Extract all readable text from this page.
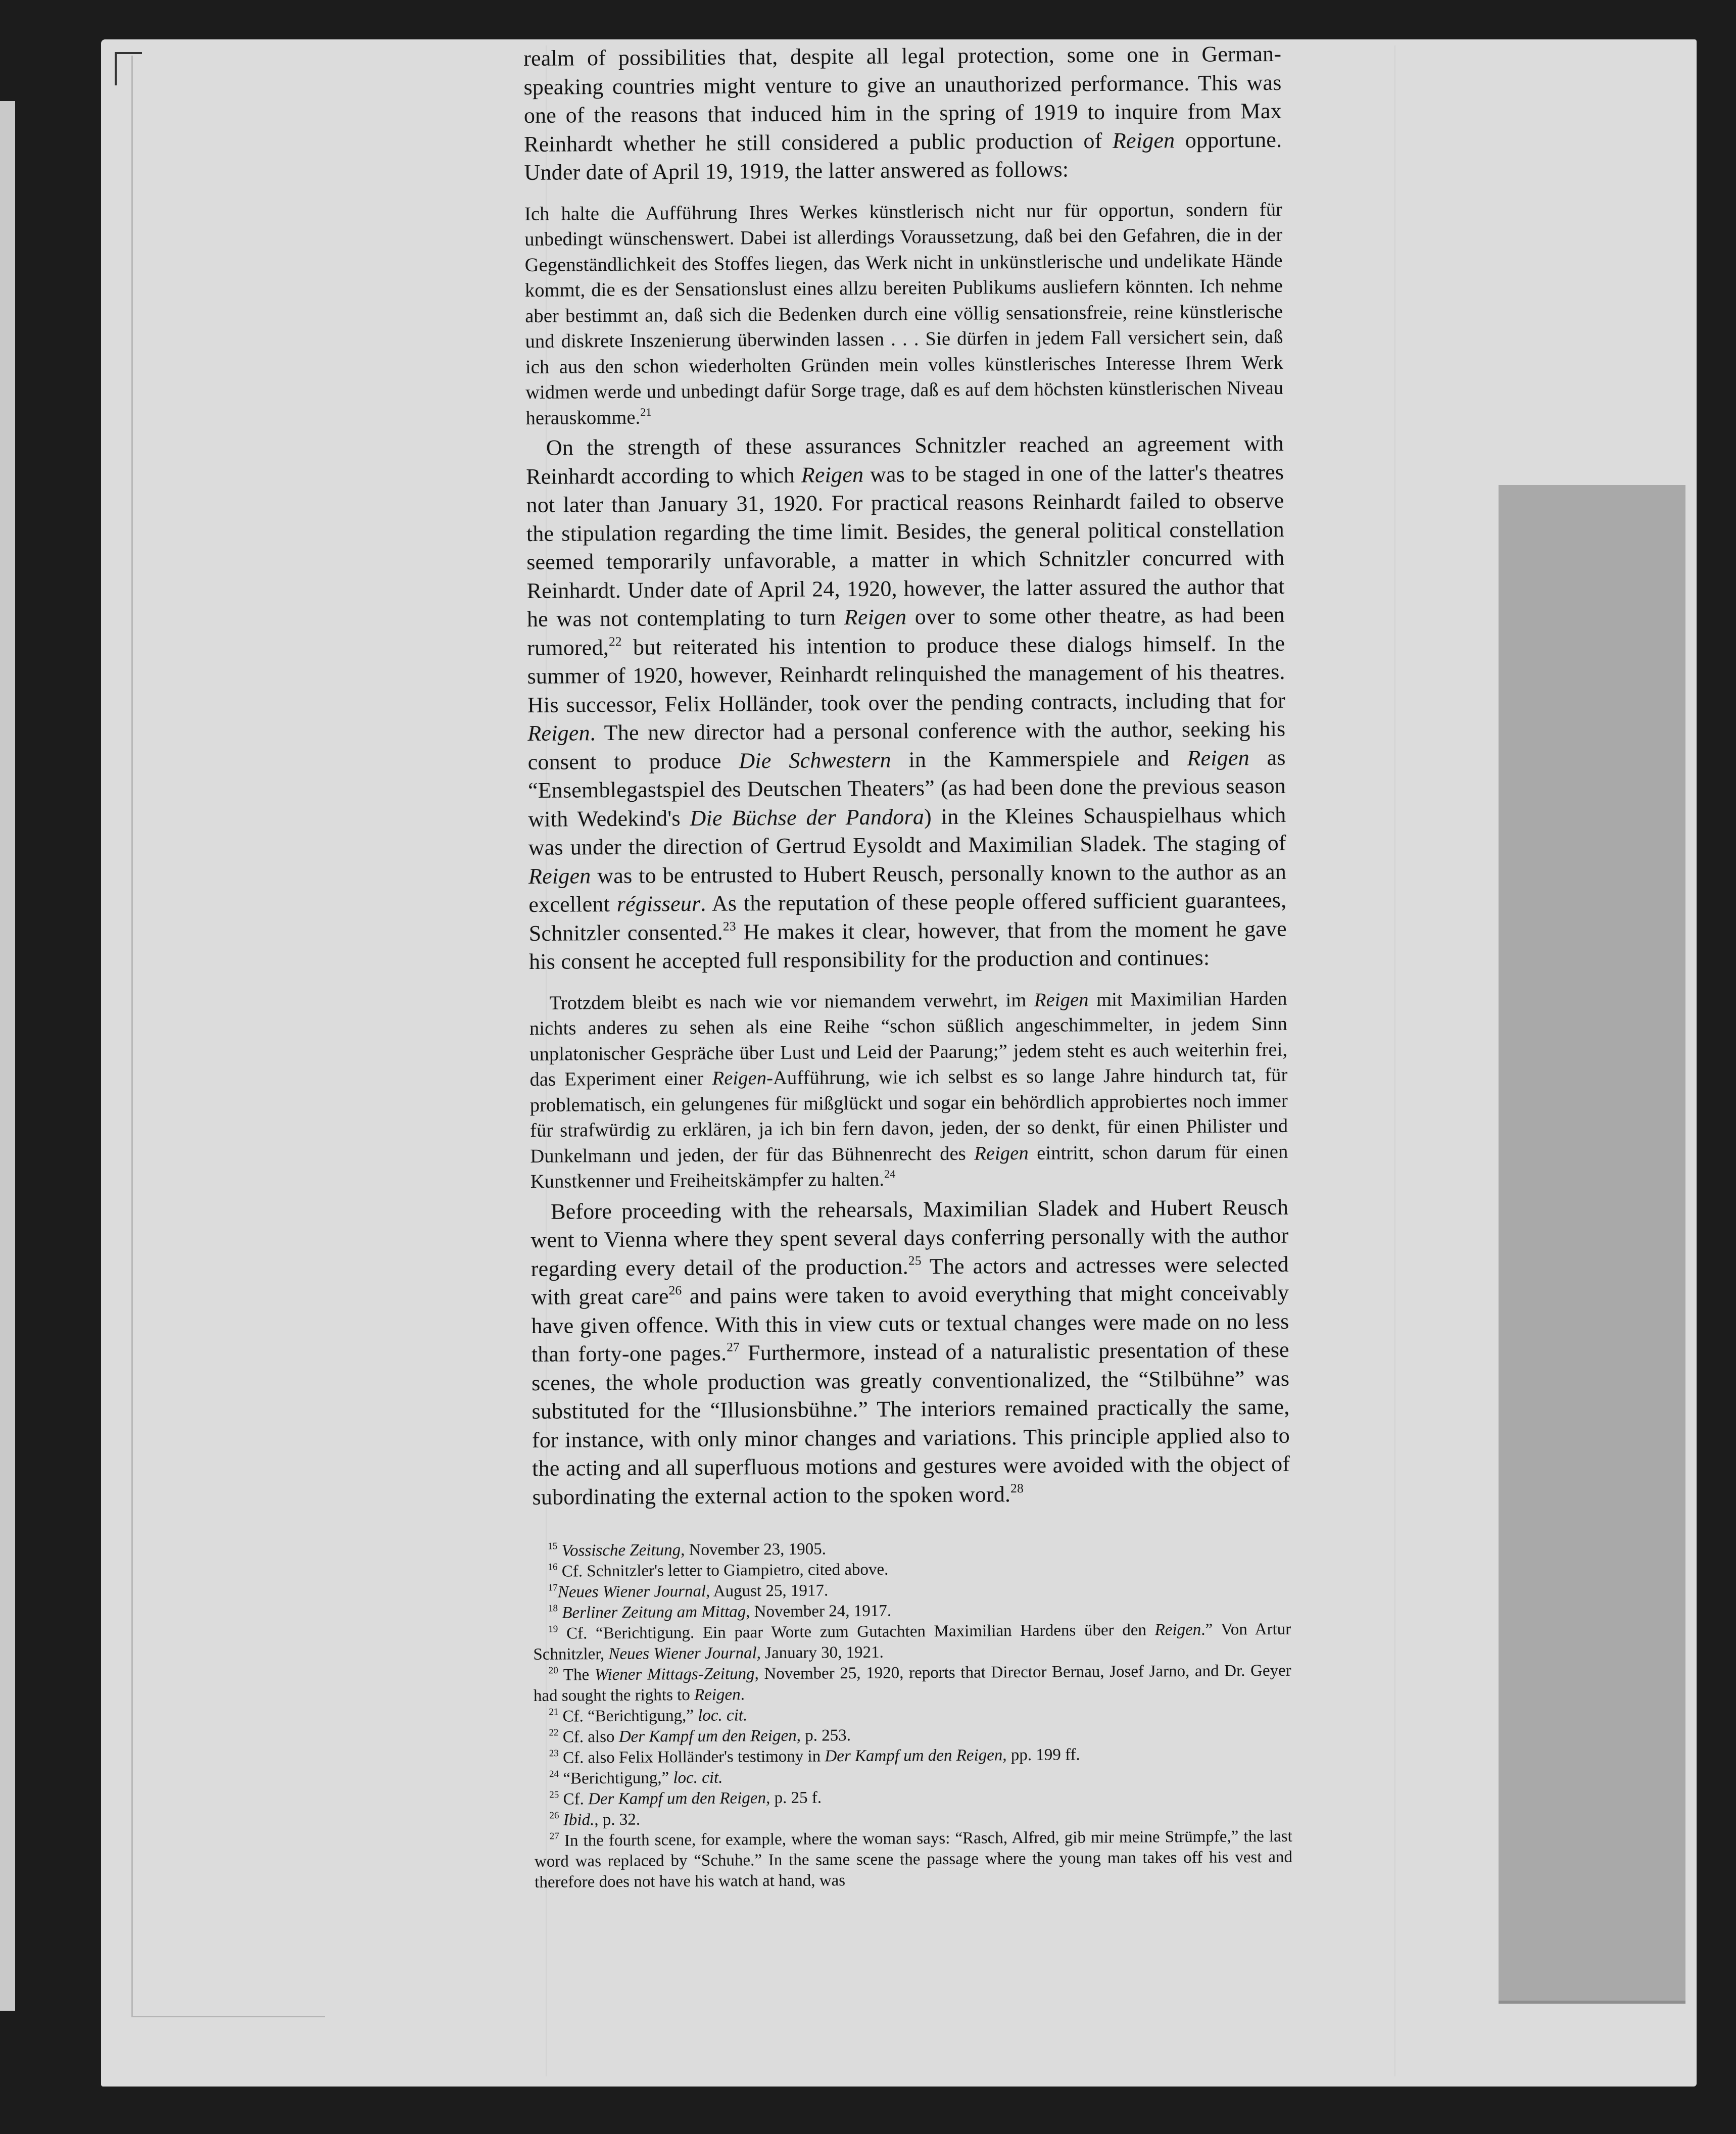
realm of possibilities that, despite all legal protection, some one in German-speaking countries might venture to give an unauthorized performance. This was one of the reasons that induced him in the spring of 1919 to inquire from Max Reinhardt whether he still considered a public production of Reigen opportune. Under date of April 19, 1919, the latter answered as follows:

Ich halte die Aufführung Ihres Werkes künstlerisch nicht nur für opportun, sondern für unbedingt wünschenswert. Dabei ist allerdings Voraussetzung, daß bei den Gefahren, die in der Gegenständlichkeit des Stoffes liegen, das Werk nicht in unkünstlerische und undelikate Hände kommt, die es der Sensationslust eines allzu bereiten Publikums ausliefern könnten. Ich nehme aber bestimmt an, daß sich die Bedenken durch eine völlig sensationsfreie, reine künstlerische und diskrete Inszenierung überwinden lassen . . . Sie dürfen in jedem Fall versichert sein, daß ich aus den schon wiederholten Gründen mein volles künstlerisches Interesse Ihrem Werk widmen werde und unbedingt dafür Sorge trage, daß es auf dem höchsten künstlerischen Niveau herauskomme.$^{21}$

On the strength of these assurances Schnitzler reached an agreement with Reinhardt according to which Reigen was to be staged in one of the latter's theatres not later than January 31, 1920. For practical reasons Reinhardt failed to observe the stipulation regarding the time limit. Besides, the general political constellation seemed temporarily unfavorable, a matter in which Schnitzler concurred with Reinhardt. Under date of April 24, 1920, however, the latter assured the author that he was not contemplating to turn Reigen over to some other theatre, as had been rumored,$^{22}$ but reiterated his intention to produce these dialogs himself. In the summer of 1920, however, Reinhardt relinquished the management of his theatres. His successor, Felix Holländer, took over the pending contracts, including that for Reigen. The new director had a personal conference with the author, seeking his consent to produce Die Schwestern in the Kammerspiele and Reigen as “Ensemblegastspiel des Deutschen Theaters” (as had been done the previous season with Wedekind's Die Büchse der Pandora) in the Kleines Schauspielhaus which was under the direction of Gertrud Eysoldt and Maximilian Sladek. The staging of Reigen was to be entrusted to Hubert Reusch, personally known to the author as an excellent régisseur. As the reputation of these people offered sufficient guarantees, Schnitzler consented.$^{23}$ He makes it clear, however, that from the moment he gave his consent he accepted full responsibility for the production and continues:

Trotzdem bleibt es nach wie vor niemandem verwehrt, im Reigen mit Maximilian Harden nichts anderes zu sehen als eine Reihe “schon süßlich angeschimmelter, in jedem Sinn unplatonischer Gespräche über Lust und Leid der Paarung;” jedem steht es auch weiterhin frei, das Experiment einer Reigen-Aufführung, wie ich selbst es so lange Jahre hindurch tat, für problematisch, ein gelungenes für mißglückt und sogar ein behördlich approbiertes noch immer für strafwürdig zu erklären, ja ich bin fern davon, jeden, der so denkt, für einen Philister und Dunkelmann und jeden, der für das Bühnenrecht des Reigen eintritt, schon darum für einen Kunstkenner und Freiheitskämpfer zu halten.$^{24}$

Before proceeding with the rehearsals, Maximilian Sladek and Hubert Reusch went to Vienna where they spent several days conferring personally with the author regarding every detail of the production.$^{25}$ The actors and actresses were selected with great care$^{26}$ and pains were taken to avoid everything that might conceivably have given offence. With this in view cuts or textual changes were made on no less than forty-one pages.$^{27}$ Furthermore, instead of a naturalistic presentation of these scenes, the whole production was greatly conventionalized, the “Stilbühne” was substituted for the “Illusionsbühne.” The interiors remained practically the same, for instance, with only minor changes and variations. This principle applied also to the acting and all superfluous motions and gestures were avoided with the object of subordinating the external action to the spoken word.$^{28}$

$^{15}$ Vossische Zeitung, November 23, 1905.

$^{16}$ Cf. Schnitzler's letter to Giampietro, cited above.

$^{17}$Neues Wiener Journal, August 25, 1917.

$^{18}$ Berliner Zeitung am Mittag, November 24, 1917.

$^{19}$ Cf. “Berichtigung. Ein paar Worte zum Gutachten Maximilian Hardens über den Reigen.” Von Artur Schnitzler, Neues Wiener Journal, January 30, 1921.

$^{20}$ The Wiener Mittags-Zeitung, November 25, 1920, reports that Director Bernau, Josef Jarno, and Dr. Geyer had sought the rights to Reigen.

$^{21}$ Cf. “Berichtigung,” loc. cit.

$^{22}$ Cf. also Der Kampf um den Reigen, p. 253.

$^{23}$ Cf. also Felix Holländer's testimony in Der Kampf um den Reigen, pp. 199 ff.

$^{24}$ “Berichtigung,” loc. cit.

$^{25}$ Cf. Der Kampf um den Reigen, p. 25 f.

$^{26}$ Ibid., p. 32.

$^{27}$ In the fourth scene, for example, where the woman says: “Rasch, Alfred, gib mir meine Strümpfe,” the last word was replaced by “Schuhe.” In the same scene the passage where the young man takes off his vest and therefore does not have his watch at hand, was
